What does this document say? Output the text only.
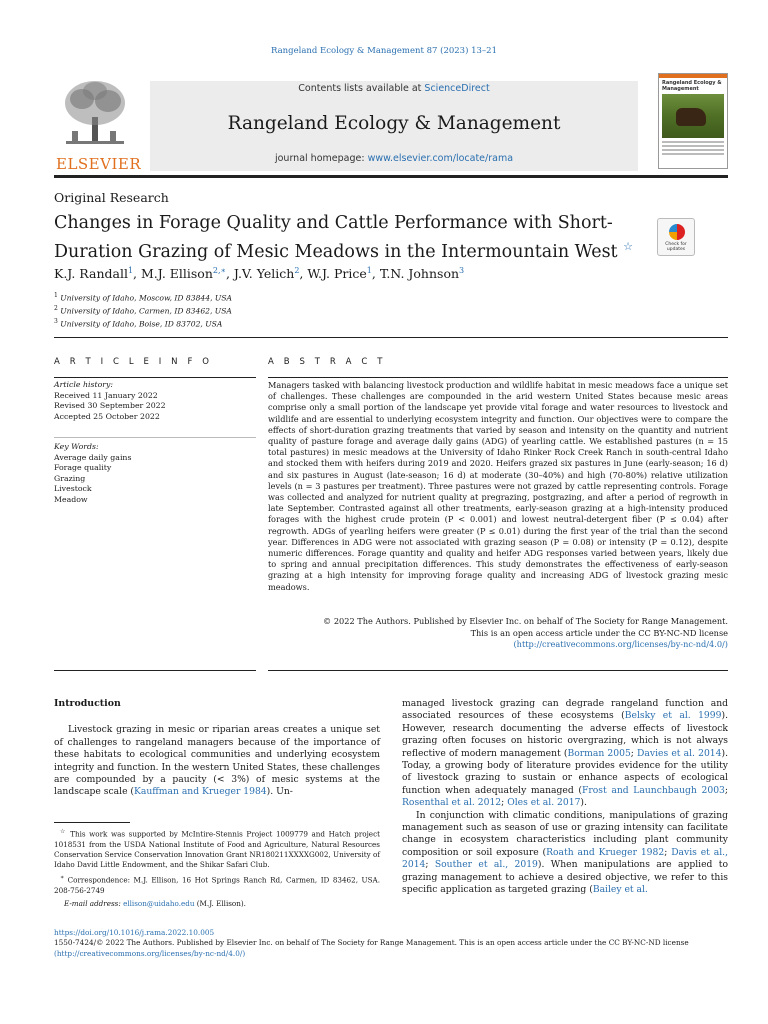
Rangeland Ecology & Management 87 (2023) 13–21
ELSEVIER
Contents lists available at ScienceDirect
Rangeland Ecology & Management
journal homepage: www.elsevier.com/locate/rama
Rangeland Ecology & Management
Original Research
Changes in Forage Quality and Cattle Performance with Short-Duration Grazing of Mesic Meadows in the Intermountain West ☆	Check for updates
K.J. Randall$^1$, M.J. Ellison$^{2,∗}$, J.V. Yelich$^2$, W.J. Price$^1$, T.N. Johnson$^3$
$^1$ University of Idaho, Moscow, ID 83844, USA
$^2$ University of Idaho, Carmen, ID 83462, USA
$^3$ University of Idaho, Boise, ID 83702, USA
A R T I C L E I N F O	A B S T R A C T
Article history:
Received 11 January 2022
Revised 30 September 2022
Accepted 25 October 2022
Key Words:
Average daily gains
Forage quality
Grazing
Livestock
Meadow
Managers tasked with balancing livestock production and wildlife habitat in mesic meadows face a unique set of challenges. These challenges are compounded in the arid western United States because mesic areas comprise only a small portion of the landscape yet provide vital forage and water resources to livestock and wildlife and are essential to underlying ecosystem integrity and function. Our objectives were to compare the effects of short-duration grazing treatments that varied by season and intensity on the quantity and nutrient quality of pasture forage and average daily gains (ADG) of yearling cattle. We established pastures (n = 15 total pastures) in mesic meadows at the University of Idaho Rinker Rock Creek Ranch in south-central Idaho and stocked them with heifers during 2019 and 2020. Heifers grazed six pastures in June (early-season; 16 d) and six pastures in August (late-season; 16 d) at moderate (30–40%) and high (70-80%) relative utilization levels (n = 3 pastures per treatment). Three pastures were not grazed by cattle representing controls. Forage was collected and analyzed for nutrient quality at pregrazing, postgrazing, and after a period of regrowth in late September. Contrasted against all other treatments, early-season grazing at a high-intensity produced forages with the highest crude protein (P < 0.001) and lowest neutral-detergent fiber (P ≤ 0.04) after regrowth. ADGs of yearling heifers were greater (P ≤ 0.01) during the first year of the trial than the second year. Differences in ADG were not associated with grazing season (P = 0.08) or intensity (P = 0.12), despite numeric differences. Forage quantity and quality and heifer ADG responses varied between years, likely due to spring and annual precipitation differences. This study demonstrates the effectiveness of early-season grazing at a high intensity for improving forage quality and increasing ADG of livestock grazing mesic meadows.
© 2022 The Authors. Published by Elsevier Inc. on behalf of The Society for Range Management.
This is an open access article under the CC BY-NC-ND license
(http://creativecommons.org/licenses/by-nc-nd/4.0/)
Introduction

Livestock grazing in mesic or riparian areas creates a unique set of challenges to rangeland managers because of the importance of these habitats to ecological communities and underlying ecosystem integrity and function. In the western United States, these challenges are compounded by a paucity (< 3%) of mesic systems at the landscape scale (Kauffman and Krueger 1984). Un-

☆ This work was supported by McIntire-Stennis Project 1009779 and Hatch project 1018531 from the USDA National Institute of Food and Agriculture, Natural Resources Conservation Service Conservation Innovation Grant NR180211XXXXG002, University of Idaho David Little Endowment, and the Shikar Safari Club.

∗ Correspondence: M.J. Ellison, 16 Hot Springs Ranch Rd, Carmen, ID 83462, USA. 208-756-2749

E-mail address: ellison@uidaho.edu (M.J. Ellison).

managed livestock grazing can degrade rangeland function and associated resources of these ecosystems (Belsky et al. 1999). However, research documenting the adverse effects of livestock grazing often focuses on historic overgrazing, which is not always reflective of modern management (Borman 2005; Davies et al. 2014). Today, a growing body of literature provides evidence for the utility of livestock grazing to sustain or enhance aspects of ecological function when adequately managed (Frost and Launchbaugh 2003; Rosenthal et al. 2012; Oles et al. 2017).

In conjunction with climatic conditions, manipulations of grazing management such as season of use or grazing intensity can facilitate change in ecosystem characteristics including plant community composition or soil exposure (Roath and Krueger 1982; Davis et al., 2014; Souther et al., 2019). When manipulations are applied to grazing management to achieve a desired objective, we refer to this specific application as targeted grazing (Bailey et al.

https://doi.org/10.1016/j.rama.2022.10.005
1550-7424/© 2022 The Authors. Published by Elsevier Inc. on behalf of The Society for Range Management. This is an open access article under the CC BY-NC-ND license
(http://creativecommons.org/licenses/by-nc-nd/4.0/)
